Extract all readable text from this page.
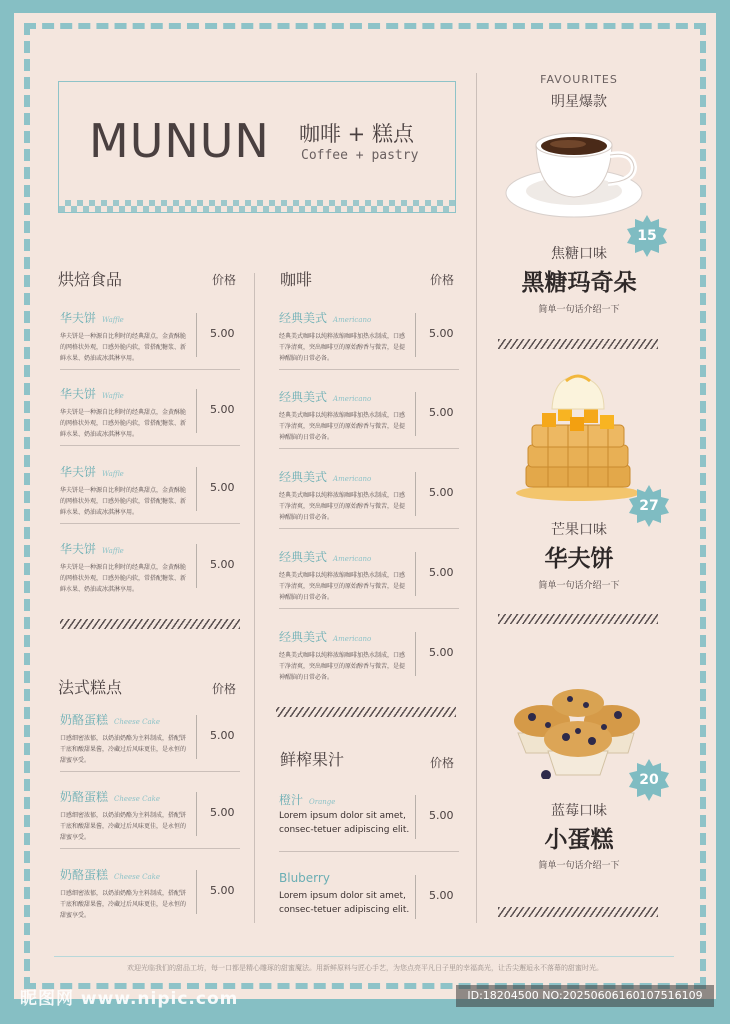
MUNUN 咖啡 + 糕点
Coffee + pastry
烘焙食品	价格
华夫饼 Waffle
华夫饼是一种源自比利时的经典甜点，金黄酥脆的网格状外观，口感外脆内软，常搭配糖浆、新鲜水果、奶油或冰淇淋享用。
5.00
华夫饼 Waffle
华夫饼是一种源自比利时的经典甜点，金黄酥脆的网格状外观，口感外脆内软，常搭配糖浆、新鲜水果、奶油或冰淇淋享用。
5.00
华夫饼 Waffle
华夫饼是一种源自比利时的经典甜点，金黄酥脆的网格状外观，口感外脆内软，常搭配糖浆、新鲜水果、奶油或冰淇淋享用。
5.00
华夫饼 Waffle
华夫饼是一种源自比利时的经典甜点，金黄酥脆的网格状外观，口感外脆内软，常搭配糖浆、新鲜水果、奶油或冰淇淋享用。
5.00
法式糕点	价格
奶酪蛋糕 Cheese Cake
口感细密浓郁，以奶油奶酪为主料制成，搭配饼干底和酸甜果酱，冷藏过后风味更佳，是永恒的甜蜜享受。
5.00
奶酪蛋糕 Cheese Cake
口感细密浓郁，以奶油奶酪为主料制成，搭配饼干底和酸甜果酱，冷藏过后风味更佳，是永恒的甜蜜享受。
5.00
奶酪蛋糕 Cheese Cake
口感细密浓郁，以奶油奶酪为主料制成，搭配饼干底和酸甜果酱，冷藏过后风味更佳，是永恒的甜蜜享受。
5.00
咖啡	价格
经典美式 Americano
经典美式咖啡以纯粹浓缩咖啡加热水制成，口感干净清爽，突出咖啡豆的原始醇香与微苦，是提神醒脑的日常必备。
5.00
经典美式 Americano
经典美式咖啡以纯粹浓缩咖啡加热水制成，口感干净清爽，突出咖啡豆的原始醇香与微苦，是提神醒脑的日常必备。
5.00
经典美式 Americano
经典美式咖啡以纯粹浓缩咖啡加热水制成，口感干净清爽，突出咖啡豆的原始醇香与微苦，是提神醒脑的日常必备。
5.00
经典美式 Americano
经典美式咖啡以纯粹浓缩咖啡加热水制成，口感干净清爽，突出咖啡豆的原始醇香与微苦，是提神醒脑的日常必备。
5.00
经典美式 Americano
经典美式咖啡以纯粹浓缩咖啡加热水制成，口感干净清爽，突出咖啡豆的原始醇香与微苦，是提神醒脑的日常必备。
5.00
鲜榨果汁	价格
橙汁 Orange
Lorem ipsum dolor sit amet, consec-tetuer adipiscing elit.
5.00
Bluberry
Lorem ipsum dolor sit amet, consec-tetuer adipiscing elit.
5.00
FAVOURITES
明星爆款
15
焦糖口味
黑糖玛奇朵
简单一句话介绍一下
27
芒果口味
华夫饼
简单一句话介绍一下
20
蓝莓口味
小蛋糕
简单一句话介绍一下
欢迎光临我们的甜品工坊，每一口都是精心雕琢的甜蜜魔法。用新鲜原料与匠心手艺，为您点亮平凡日子里的幸福高光，让舌尖邂逅永不落幕的甜蜜时光。
昵图网 www.nipic.com	ID:18204500 NO:20250606160107516109
